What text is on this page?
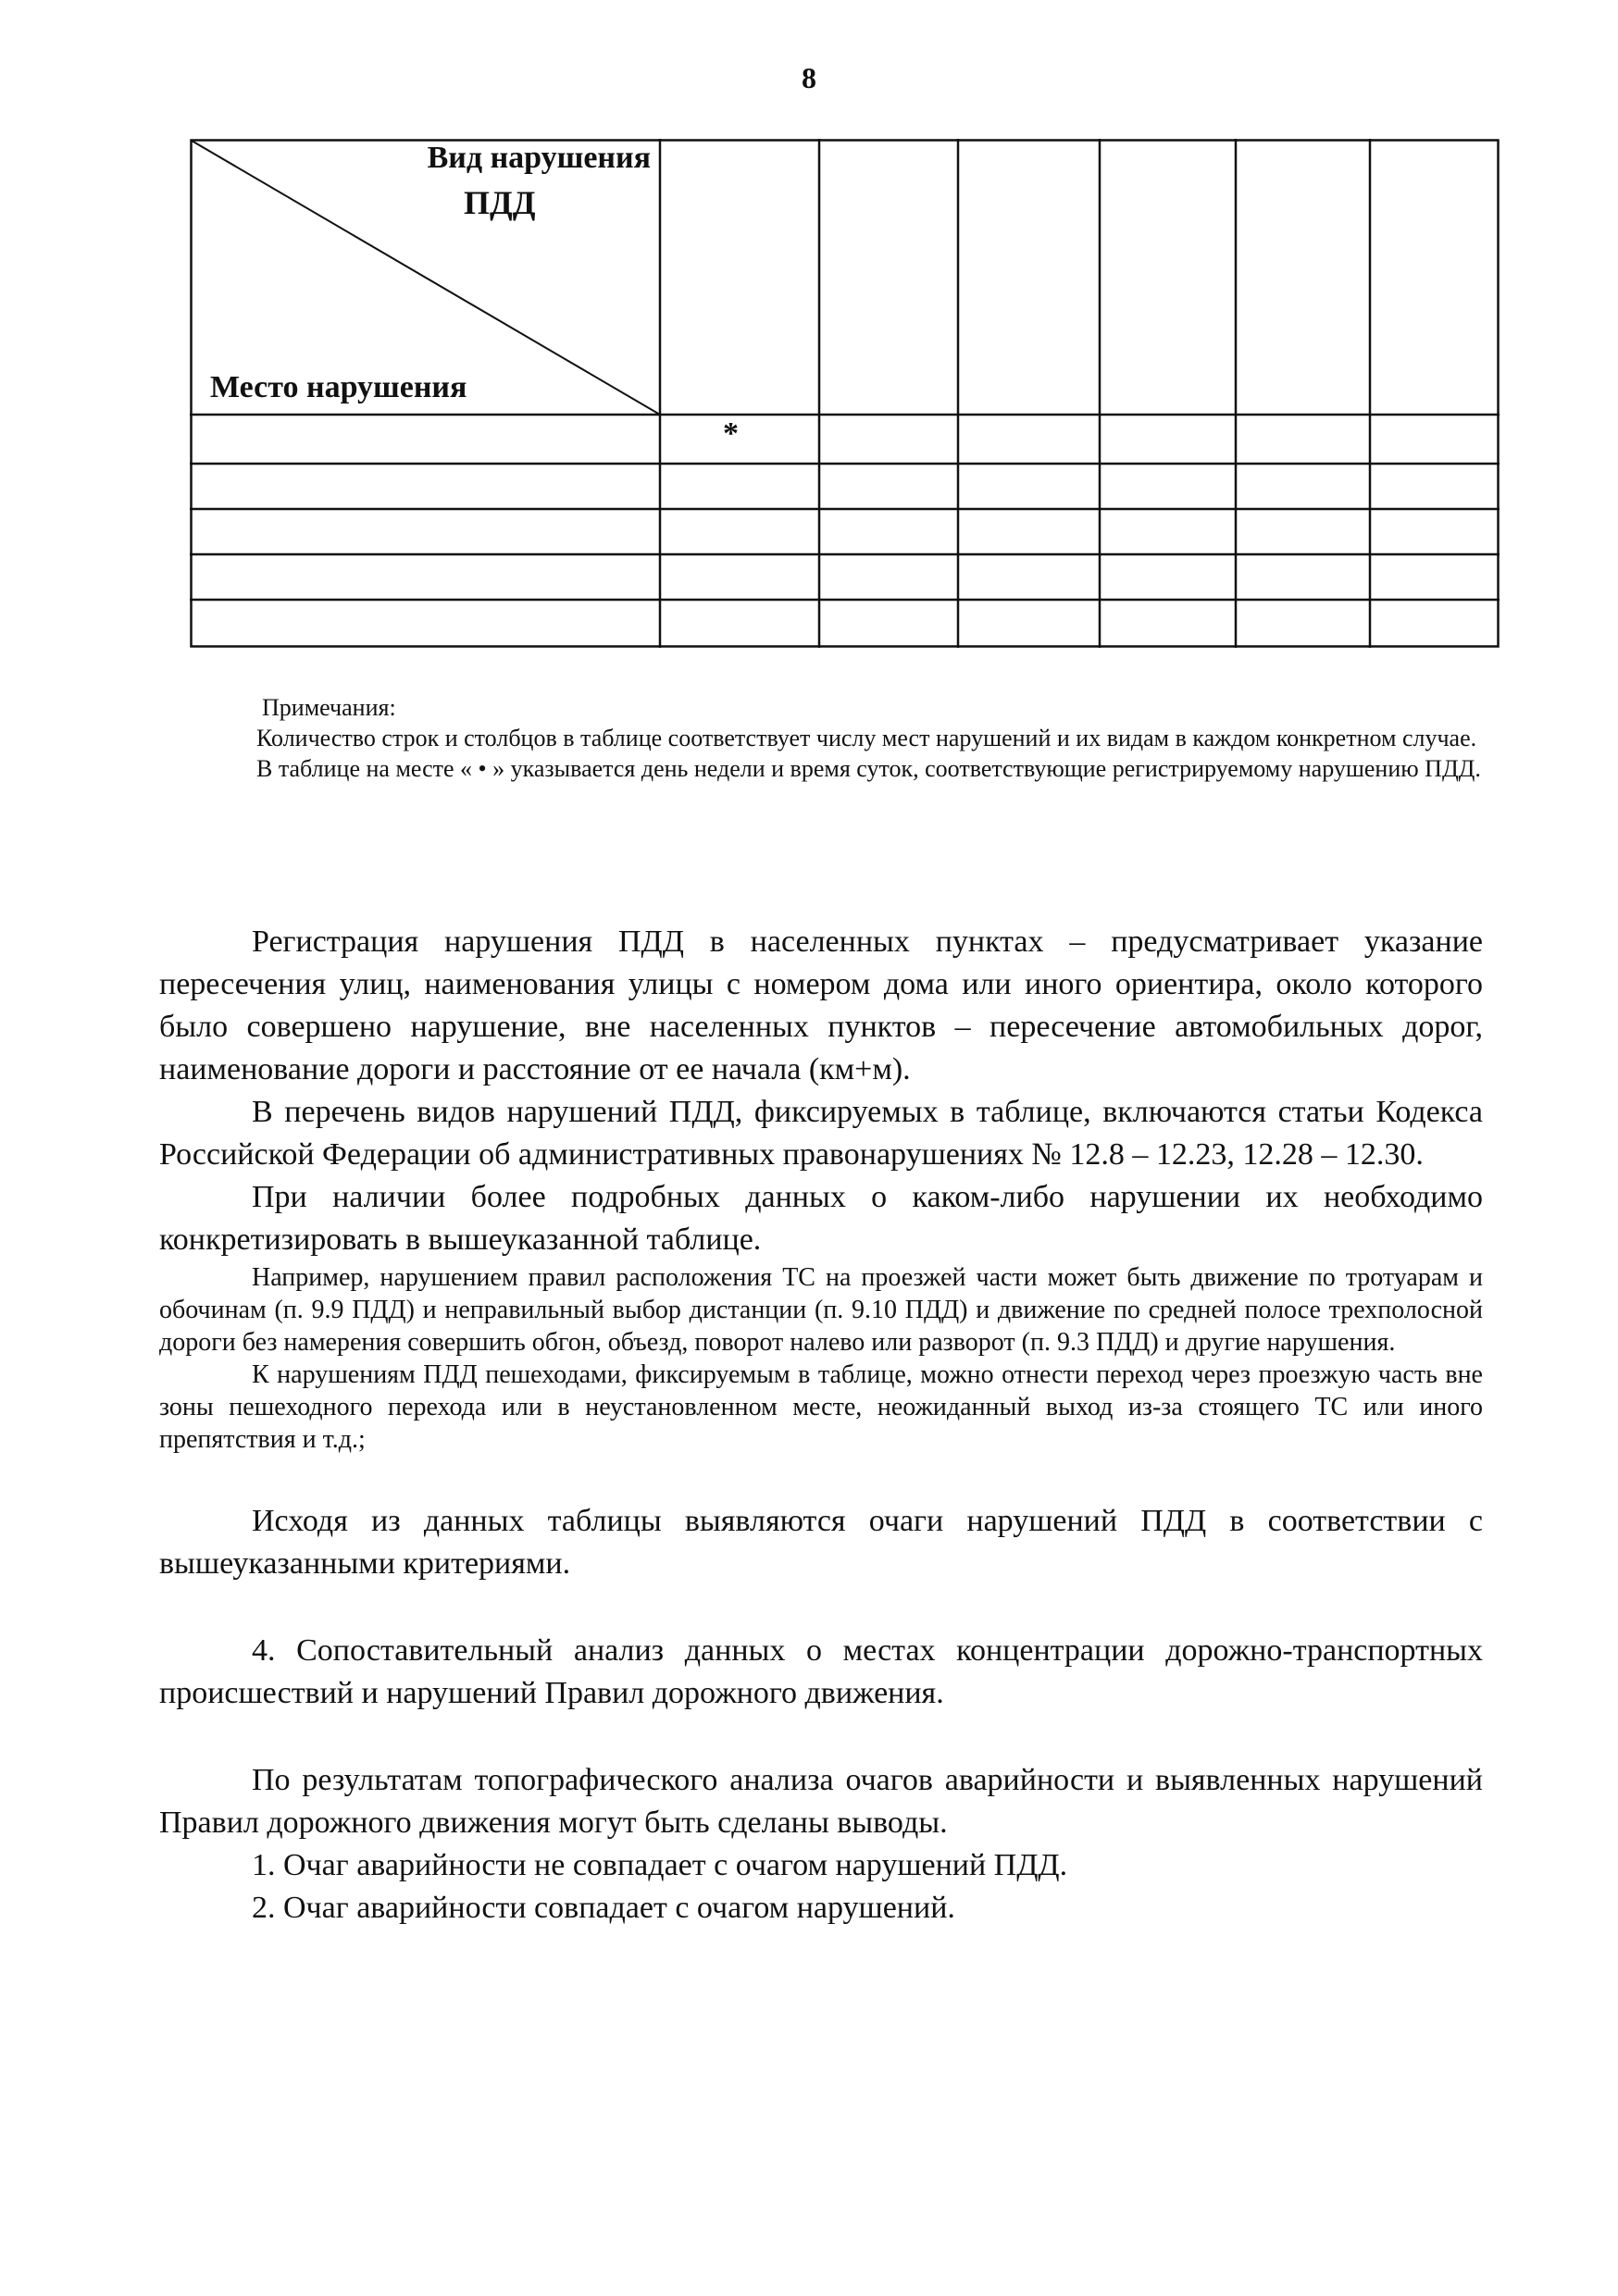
8
Вид нарушения
ПДД
Место нарушения
*

Примечания:

Количество строк и столбцов в таблице соответствует числу мест нарушений и их видам в каждом конкретном случае.

В таблице на месте « • » указывается день недели и время суток, соответствующие регистрируемому нарушению ПДД.

Регистрация нарушения ПДД в населенных пунктах – предусматривает указание пересечения улиц, наименования улицы с номером дома или иного ориентира, около которого было совершено нарушение, вне населенных пунктов – пересечение автомобильных дорог, наименование дороги и расстояние от ее начала (км+м).

В перечень видов нарушений ПДД, фиксируемых в таблице, включаются статьи Кодекса Российской Федерации об административных правонарушениях № 12.8 – 12.23, 12.28 – 12.30.

При наличии более подробных данных о каком-либо нарушении их необходимо конкретизировать в вышеуказанной таблице.

Например, нарушением правил расположения ТС на проезжей части может быть движение по тротуарам и обочинам (п. 9.9 ПДД) и неправильный выбор дистанции (п. 9.10 ПДД) и движение по средней полосе трехполосной дороги без намерения совершить обгон, объезд, поворот налево или разворот (п. 9.3 ПДД) и другие нарушения.

К нарушениям ПДД пешеходами, фиксируемым в таблице, можно отнести переход через проезжую часть вне зоны пешеходного перехода или в неустановленном месте, неожиданный выход из-за стоящего ТС или иного препятствия и т.д.;

Исходя из данных таблицы выявляются очаги нарушений ПДД в соответствии с вышеуказанными критериями.

4. Сопоставительный анализ данных о местах концентрации дорожно-транспортных происшествий и нарушений Правил дорожного движения.

По результатам топографического анализа очагов аварийности и выявленных нарушений Правил дорожного движения могут быть сделаны выводы.

1. Очаг аварийности не совпадает с очагом нарушений ПДД.

2. Очаг аварийности совпадает с очагом нарушений.
